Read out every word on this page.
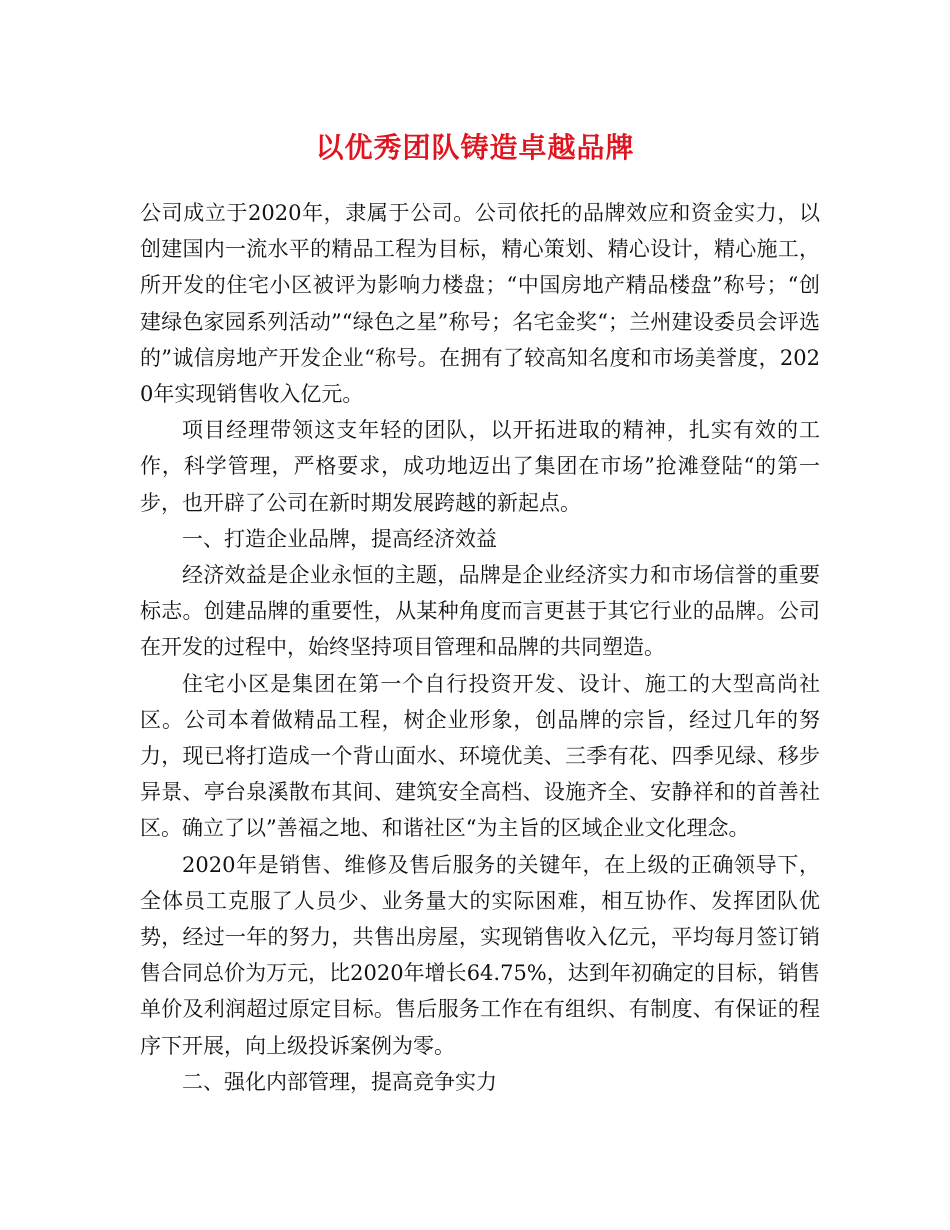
以优秀团队铸造卓越品牌

公司成立于2020年，隶属于公司。公司依托的品牌效应和资金实力，以创建国内一流水平的精品工程为目标，精心策划、精心设计，精心施工，所开发的住宅小区被评为影响力楼盘；“中国房地产精品楼盘”称号；“创建绿色家园系列活动”“绿色之星”称号；名宅金奖“；兰州建设委员会评选的”诚信房地产开发企业“称号。在拥有了较高知名度和市场美誉度，2020年实现销售收入亿元。

项目经理带领这支年轻的团队，以开拓进取的精神，扎实有效的工作，科学管理，严格要求，成功地迈出了集团在市场”抢滩登陆“的第一步，也开辟了公司在新时期发展跨越的新起点。

一、打造企业品牌，提高经济效益

经济效益是企业永恒的主题，品牌是企业经济实力和市场信誉的重要标志。创建品牌的重要性，从某种角度而言更甚于其它行业的品牌。公司在开发的过程中，始终坚持项目管理和品牌的共同塑造。

住宅小区是集团在第一个自行投资开发、设计、施工的大型高尚社区。公司本着做精品工程，树企业形象，创品牌的宗旨，经过几年的努力，现已将打造成一个背山面水、环境优美、三季有花、四季见绿、移步异景、亭台泉溪散布其间、建筑安全高档、设施齐全、安静祥和的首善社区。确立了以”善福之地、和谐社区“为主旨的区域企业文化理念。

2020年是销售、维修及售后服务的关键年，在上级的正确领导下，全体员工克服了人员少、业务量大的实际困难，相互协作、发挥团队优势，经过一年的努力，共售出房屋，实现销售收入亿元，平均每月签订销售合同总价为万元，比2020年增长64.75%，达到年初确定的目标，销售单价及利润超过原定目标。售后服务工作在有组织、有制度、有保证的程序下开展，向上级投诉案例为零。

二、强化内部管理，提高竞争实力
